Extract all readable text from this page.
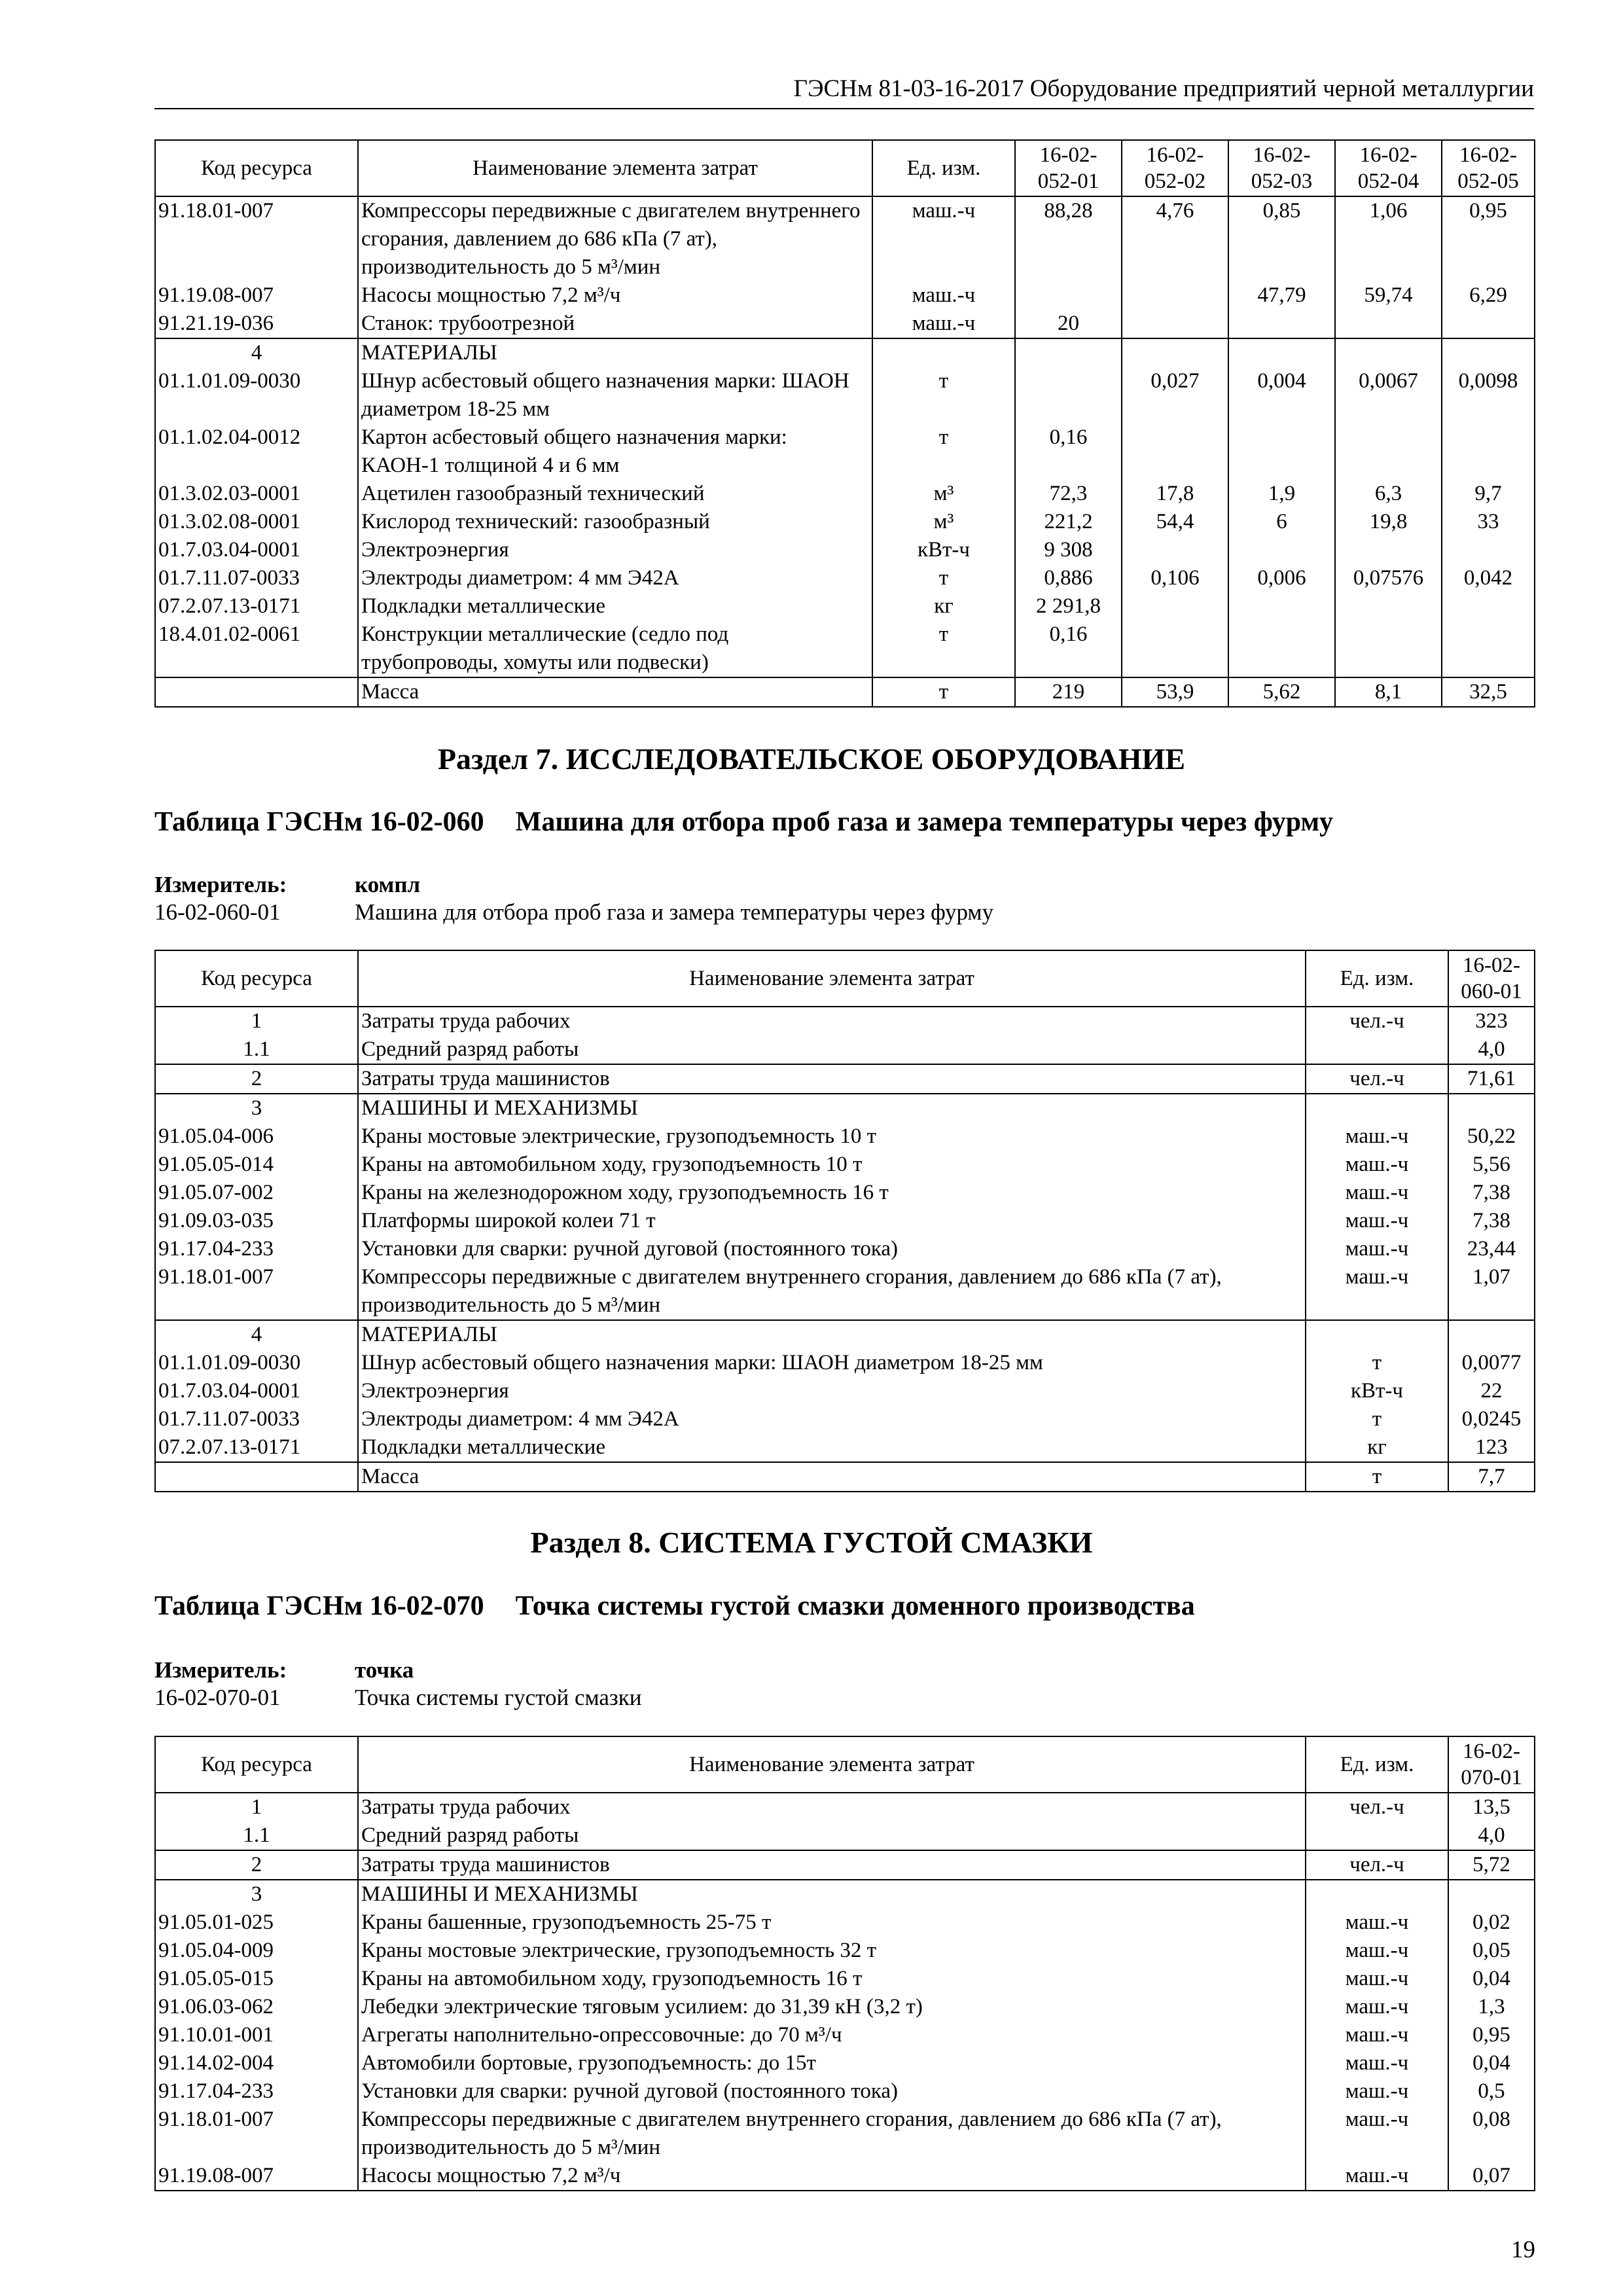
ГЭСНм 81-03-16-2017 Оборудование предприятий черной металлургии
Код ресурса	Наименование элемента затрат	Ед. изм.	16-02- 052-01	16-02- 052-02	16-02- 052-03	16-02- 052-04	16-02- 052-05
91.18.01-007	Компрессоры передвижные с двигателем внутреннего сгорания, давлением до 686 кПа (7 ат), производительность до 5 м³/мин	маш.-ч	88,28	4,76	0,85	1,06	0,95
91.19.08-007	Насосы мощностью 7,2 м³/ч	маш.-ч			47,79	59,74	6,29
91.21.19-036	Станок: трубоотрезной	маш.-ч	20				
4	МАТЕРИАЛЫ						
01.1.01.09-0030	Шнур асбестовый общего назначения марки: ШАОН диаметром 18-25 мм	т		0,027	0,004	0,0067	0,0098
01.1.02.04-0012	Картон асбестовый общего назначения марки: КАОН-1 толщиной 4 и 6 мм	т	0,16				
01.3.02.03-0001	Ацетилен газообразный технический	м³	72,3	17,8	1,9	6,3	9,7
01.3.02.08-0001	Кислород технический: газообразный	м³	221,2	54,4	6	19,8	33
01.7.03.04-0001	Электроэнергия	кВт-ч	9 308				
01.7.11.07-0033	Электроды диаметром: 4 мм Э42А	т	0,886	0,106	0,006	0,07576	0,042
07.2.07.13-0171	Подкладки металлические	кг	2 291,8				
18.4.01.02-0061	Конструкции металлические (седло под трубопроводы, хомуты или подвески)	т	0,16				
	Масса	т	219	53,9	5,62	8,1	32,5
Раздел 7. ИССЛЕДОВАТЕЛЬСКОЕ ОБОРУДОВАНИЕ
Таблица ГЭСНм 16-02-060 Машина для отбора проб газа и замера температуры через фурму
Измеритель:	компл
16-02-060-01	Машина для отбора проб газа и замера температуры через фурму
Код ресурса	Наименование элемента затрат	Ед. изм.	16-02- 060-01
1	Затраты труда рабочих	чел.-ч	323
1.1	Средний разряд работы		4,0
2	Затраты труда машинистов	чел.-ч	71,61
3	МАШИНЫ И МЕХАНИЗМЫ		
91.05.04-006	Краны мостовые электрические, грузоподъемность 10 т	маш.-ч	50,22
91.05.05-014	Краны на автомобильном ходу, грузоподъемность 10 т	маш.-ч	5,56
91.05.07-002	Краны на железнодорожном ходу, грузоподъемность 16 т	маш.-ч	7,38
91.09.03-035	Платформы широкой колеи 71 т	маш.-ч	7,38
91.17.04-233	Установки для сварки: ручной дуговой (постоянного тока)	маш.-ч	23,44
91.18.01-007	Компрессоры передвижные с двигателем внутреннего сгорания, давлением до 686 кПа (7 ат), производительность до 5 м³/мин	маш.-ч	1,07
4	МАТЕРИАЛЫ		
01.1.01.09-0030	Шнур асбестовый общего назначения марки: ШАОН диаметром 18-25 мм	т	0,0077
01.7.03.04-0001	Электроэнергия	кВт-ч	22
01.7.11.07-0033	Электроды диаметром: 4 мм Э42А	т	0,0245
07.2.07.13-0171	Подкладки металлические	кг	123
	Масса	т	7,7
Раздел 8. СИСТЕМА ГУСТОЙ СМАЗКИ
Таблица ГЭСНм 16-02-070 Точка системы густой смазки доменного производства
Измеритель:	точка
16-02-070-01	Точка системы густой смазки
Код ресурса	Наименование элемента затрат	Ед. изм.	16-02- 070-01
1	Затраты труда рабочих	чел.-ч	13,5
1.1	Средний разряд работы		4,0
2	Затраты труда машинистов	чел.-ч	5,72
3	МАШИНЫ И МЕХАНИЗМЫ		
91.05.01-025	Краны башенные, грузоподъемность 25-75 т	маш.-ч	0,02
91.05.04-009	Краны мостовые электрические, грузоподъемность 32 т	маш.-ч	0,05
91.05.05-015	Краны на автомобильном ходу, грузоподъемность 16 т	маш.-ч	0,04
91.06.03-062	Лебедки электрические тяговым усилием: до 31,39 кН (3,2 т)	маш.-ч	1,3
91.10.01-001	Агрегаты наполнительно-опрессовочные: до 70 м³/ч	маш.-ч	0,95
91.14.02-004	Автомобили бортовые, грузоподъемность: до 15т	маш.-ч	0,04
91.17.04-233	Установки для сварки: ручной дуговой (постоянного тока)	маш.-ч	0,5
91.18.01-007	Компрессоры передвижные с двигателем внутреннего сгорания, давлением до 686 кПа (7 ат), производительность до 5 м³/мин	маш.-ч	0,08
91.19.08-007	Насосы мощностью 7,2 м³/ч	маш.-ч	0,07
19
